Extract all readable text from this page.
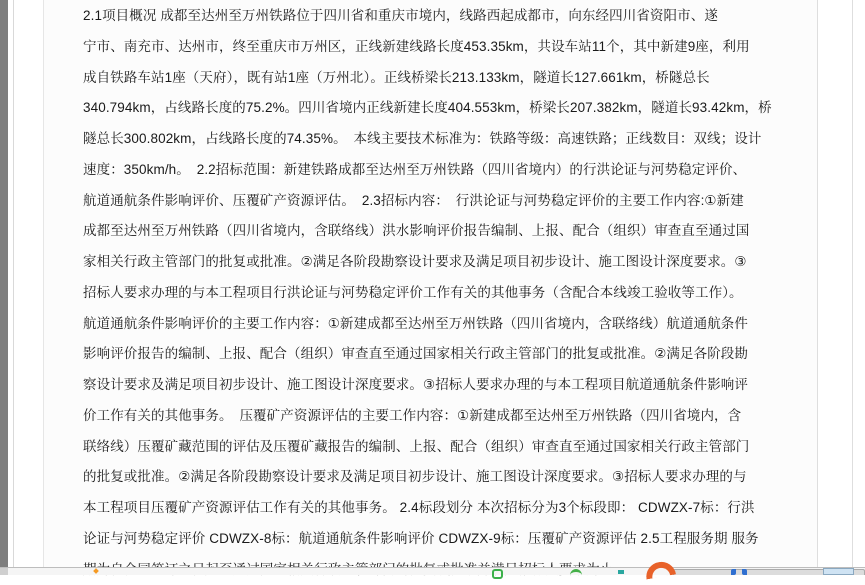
2.1项目概况 成都至达州至万州铁路位于四川省和重庆市境内，线路西起成都市，向东经四川省资阳市、遂
宁市、南充市、达州市，终至重庆市万州区，正线新建线路长度453.35km，共设车站11个，其中新建9座，利用
成自铁路车站1座（天府），既有站1座（万州北）。正线桥梁长213.133km，隧道长127.661km，桥隧总长
340.794km，占线路长度的75.2%。四川省境内正线新建长度404.553km，桥梁长207.382km，隧道长93.42km，桥
隧总长300.802km，占线路长度的74.35%。　本线主要技术标准为：铁路等级：高速铁路；正线数目：双线；设计
速度：350km/h。　2.2招标范围：新建铁路成都至达州至万州铁路（四川省境内）的行洪论证与河势稳定评价、
航道通航条件影响评价、压覆矿产资源评估。　2.3招标内容：　行洪论证与河势稳定评价的主要工作内容:①新建
成都至达州至万州铁路（四川省境内，含联络线）洪水影响评价报告编制、上报、配合（组织）审查直至通过国
家相关行政主管部门的批复或批准。②满足各阶段勘察设计要求及满足项目初步设计、施工图设计深度要求。③
招标人要求办理的与本工程项目行洪论证与河势稳定评价工作有关的其他事务（含配合本线竣工验收等工作）。
航道通航条件影响评价的主要工作内容：①新建成都至达州至万州铁路（四川省境内，含联络线）航道通航条件
影响评价报告的编制、上报、配合（组织）审查直至通过国家相关行政主管部门的批复或批准。②满足各阶段勘
察设计要求及满足项目初步设计、施工图设计深度要求。③招标人要求办理的与本工程项目航道通航条件影响评
价工作有关的其他事务。　压覆矿产资源评估的主要工作内容：①新建成都至达州至万州铁路（四川省境内，含
联络线）压覆矿藏范围的评估及压覆矿藏报告的编制、上报、配合（组织）审查直至通过国家相关行政主管部门
的批复或批准。②满足各阶段勘察设计要求及满足项目初步设计、施工图设计深度要求。③招标人要求办理的与
本工程项目压覆矿产资源评估工作有关的其他事务。 2.4标段划分 本次招标分为3个标段即： CDWZX-7标：行洪
论证与河势稳定评价 CDWZX-8标：航道通航条件影响评价 CDWZX-9标：压覆矿产资源评估 2.5工程服务期 服务
